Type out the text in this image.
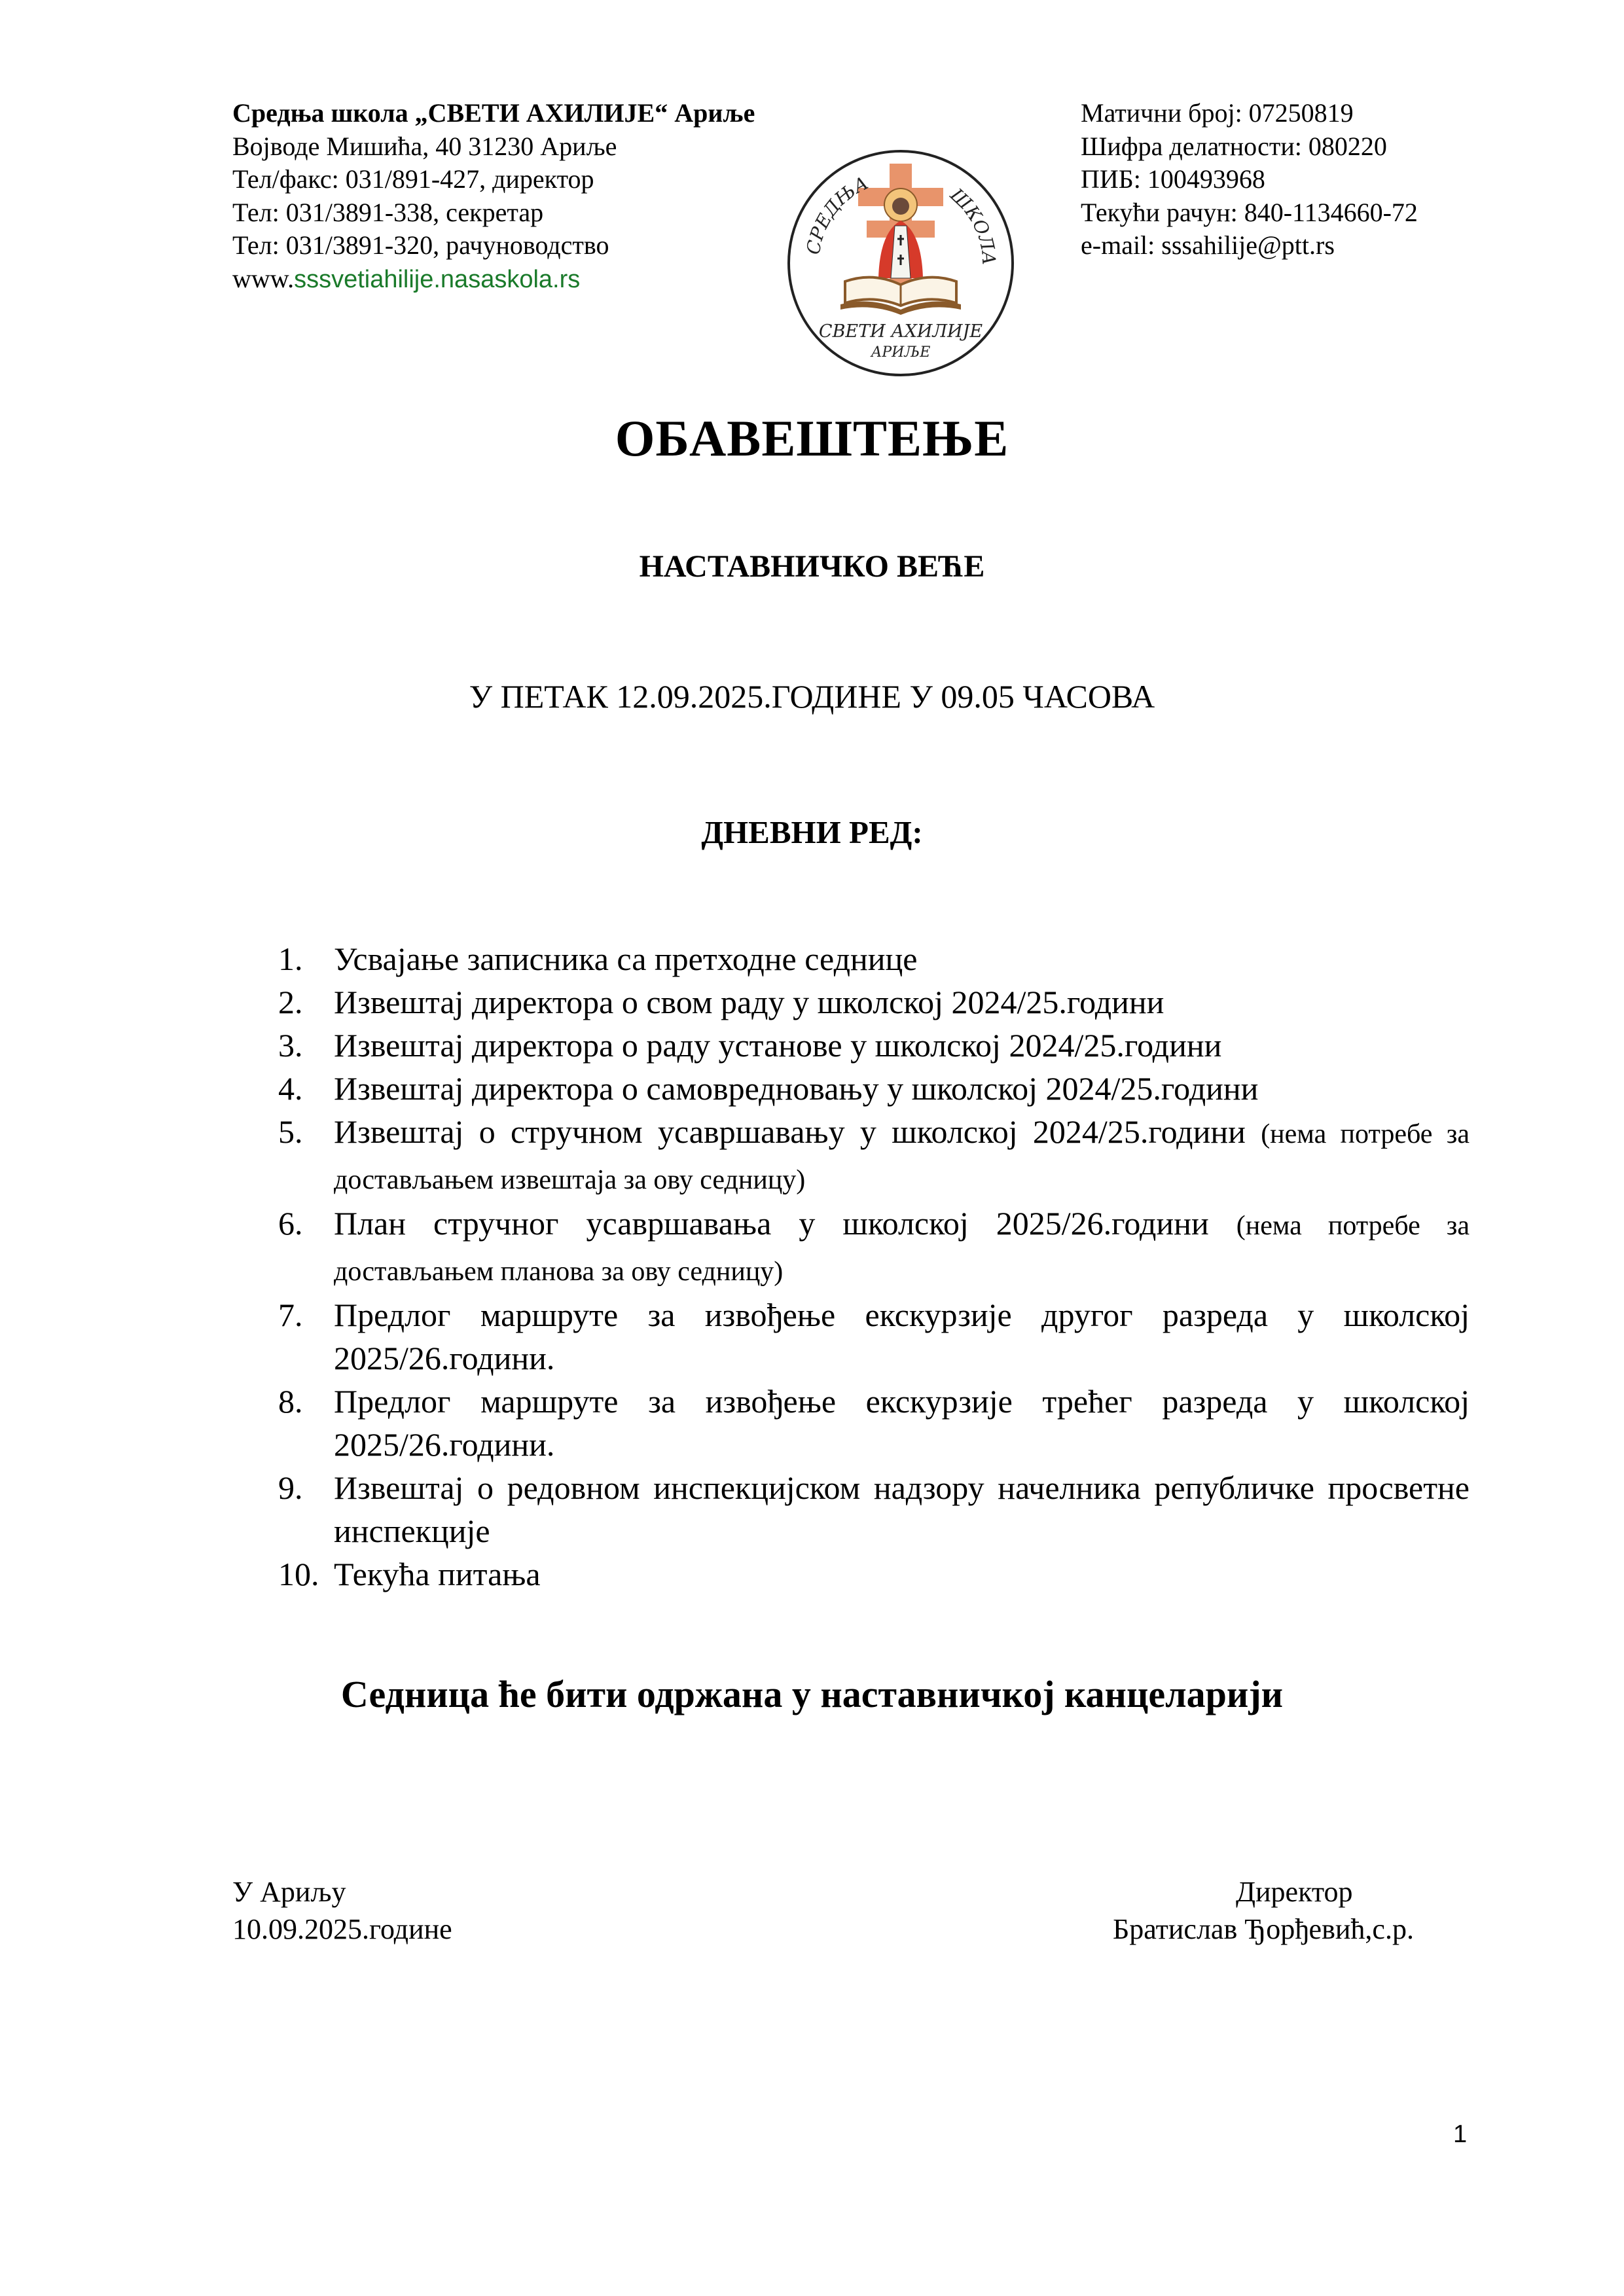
Средња школа „СВЕТИ АХИЛИЈЕ“ Ариље
Војводе Мишића, 40 31230 Ариље
Тел/факс: 031/891-427, директор
Тел: 031/3891-338, секретар
Тел: 031/3891-320, рачуноводство
www.sssvetiahilije.nasaskola.rs
Матични број: 07250819
Шифра делатности: 080220
ПИБ: 100493968
Текући рачун: 840-1134660-72
e-mail: sssahilije@ptt.rs
СРЕДЊА	ШКОЛА
СВЕТИ АХИЛИЈЕ
АРИЉЕ
ОБАВЕШТЕЊЕ
НАСТАВНИЧКО ВЕЋЕ
У ПЕТАК 12.09.2025.ГОДИНЕ У 09.05 ЧАСОВА
ДНЕВНИ РЕД:
1. Усвајање записника са претходне седнице
2. Извештај директора о свом раду у школској 2024/25.години
3. Извештај директора о раду установе у школској 2024/25.години
4. Извештај директора о самовредновању у школској 2024/25.години
5. Извештај о стручном усавршавању у школској 2024/25.години (нема потребе за достављањем извештаја за ову седницу)
6. План стручног усавршавања у школској 2025/26.години (нема потребе за достављањем планова за ову седницу)
7. Предлог маршруте за извођење екскурзије другог разреда у школској 2025/26.години.
8. Предлог маршруте за извођење екскурзије трећег разреда у школској 2025/26.години.
9. Извештај о редовном инспекцијском надзору начелника републичке просветне инспекције
10. Текућа питања
Седница ће бити одржана у наставничкој канцеларији
У Ариљу
10.09.2025.године
Директор
Братислав Ђорђевић,с.р.
1
